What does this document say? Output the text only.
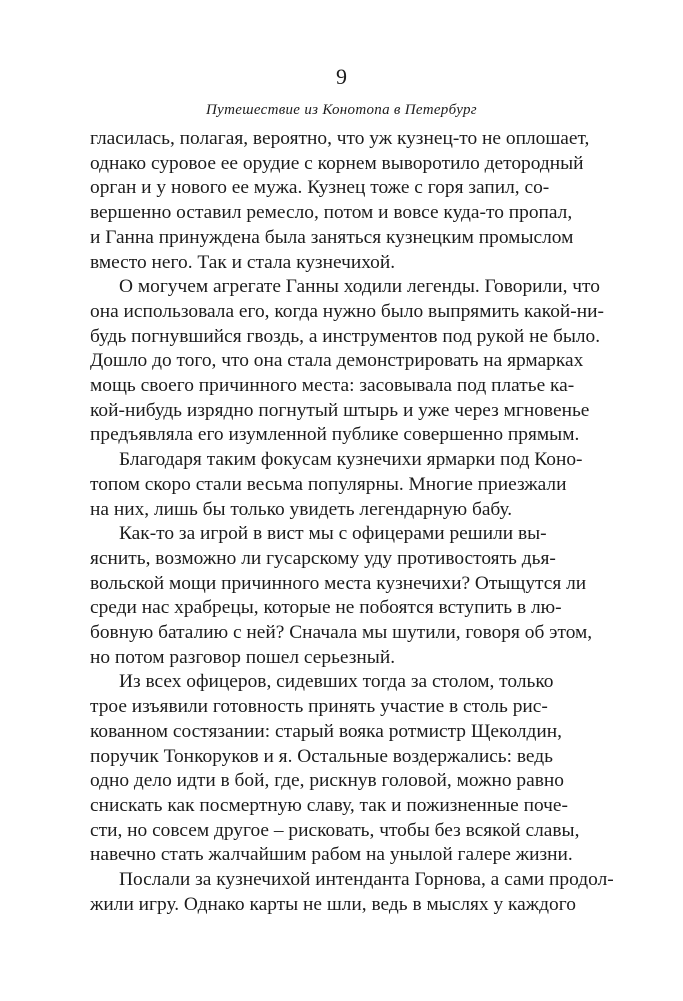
9
Путешествие из Конотопа в Петербург
гласилась, полагая, вероятно, что уж кузнец-то не оплошает,
однако суровое ее орудие с корнем выворотило детородный
орган и у нового ее мужа. Кузнец тоже с горя запил, со-
вершенно оставил ремесло, потом и вовсе куда-то пропал,
и Ганна принуждена была заняться кузнецким промыслом
вместо него. Так и стала кузнечихой.
О могучем агрегате Ганны ходили легенды. Говорили, что
она использовала его, когда нужно было выпрямить какой-ни-
будь погнувшийся гвоздь, а инструментов под рукой не было.
Дошло до того, что она стала демонстрировать на ярмарках
мощь своего причинного места: засовывала под платье ка-
кой-нибудь изрядно погнутый штырь и уже через мгновенье
предъявляла его изумленной публике совершенно прямым.
Благодаря таким фокусам кузнечихи ярмарки под Коно-
топом скоро стали весьма популярны. Многие приезжали
на них, лишь бы только увидеть легендарную бабу.
Как-то за игрой в вист мы с офицерами решили вы-
яснить, возможно ли гусарскому уду противостоять дья-
вольской мощи причинного места кузнечихи? Отыщутся ли
среди нас храбрецы, которые не побоятся вступить в лю-
бовную баталию с ней? Сначала мы шутили, говоря об этом,
но потом разговор пошел серьезный.
Из всех офицеров, сидевших тогда за столом, только
трое изъявили готовность принять участие в столь рис-
кованном состязании: старый вояка ротмистр Щеколдин,
поручик Тонкоруков и я. Остальные воздержались: ведь
одно дело идти в бой, где, рискнув головой, можно равно
снискать как посмертную славу, так и пожизненные поче-
сти, но совсем другое – рисковать, чтобы без всякой славы,
навечно стать жалчайшим рабом на унылой галере жизни.
Послали за кузнечихой интенданта Горнова, а сами продол-
жили игру. Однако карты не шли, ведь в мыслях у каждого
